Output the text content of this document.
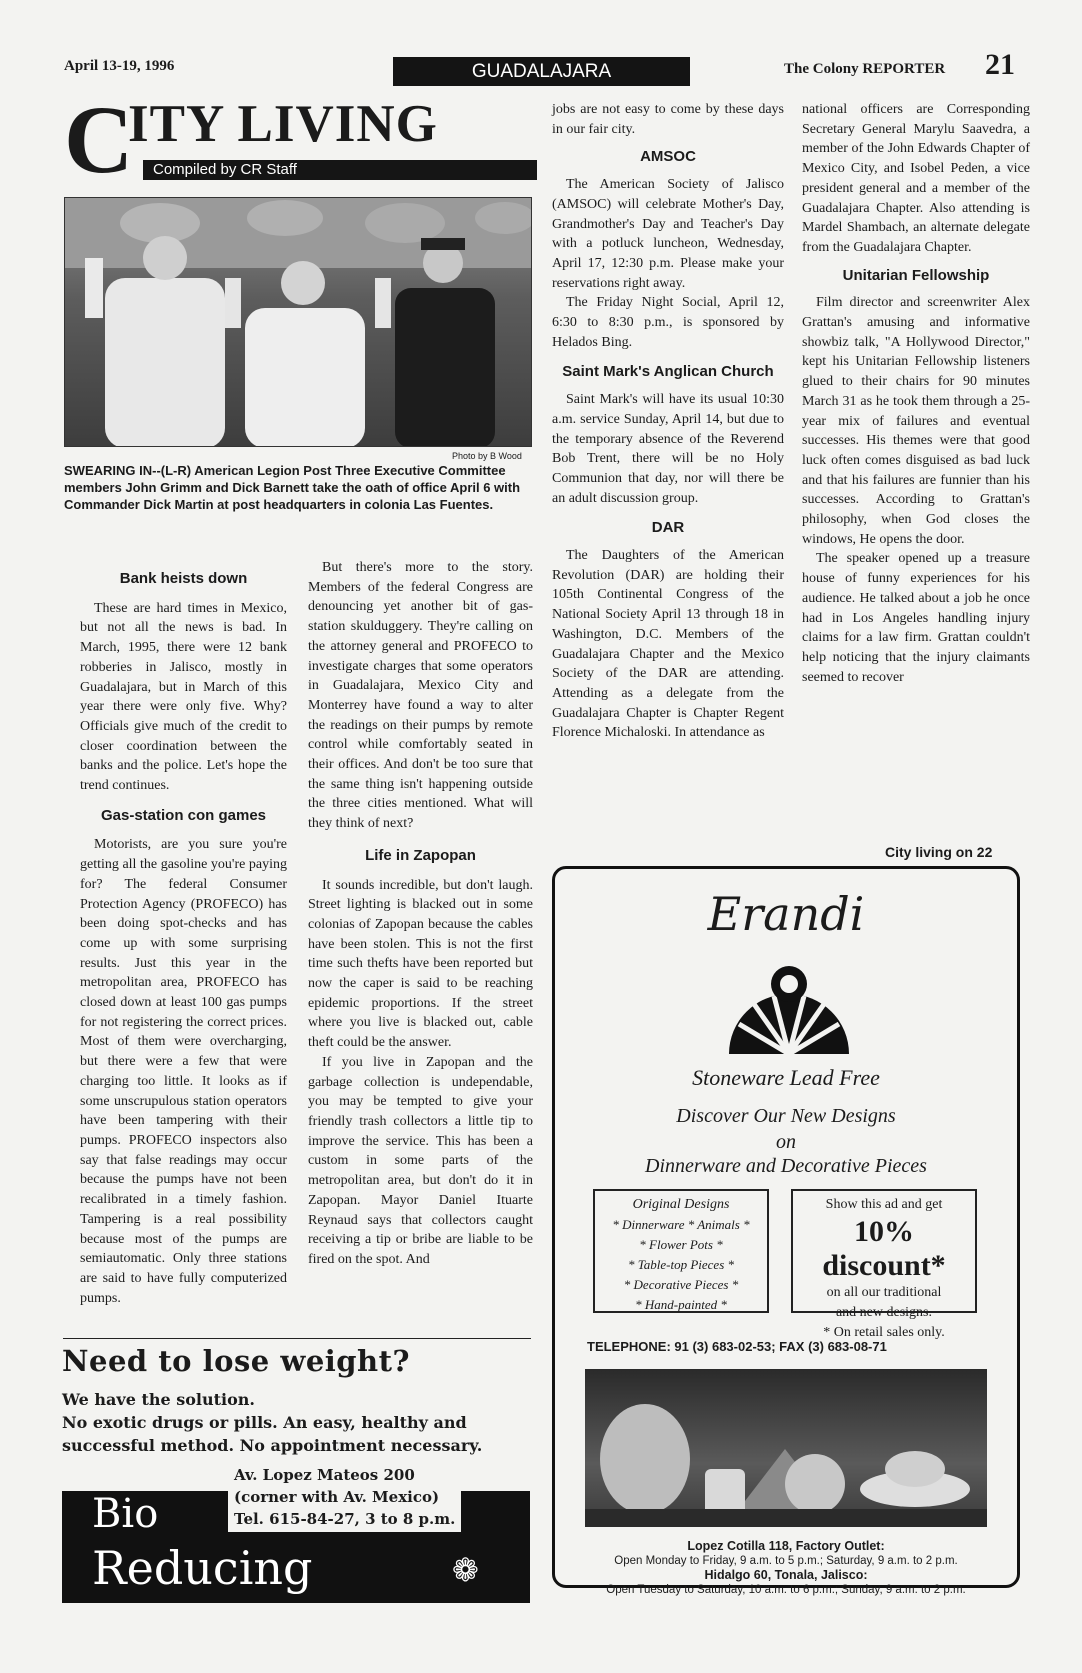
April 13-19, 1996	GUADALAJARA	The Colony REPORTER 21
C
ITY LIVING
Compiled by CR Staff
Photo by B Wood
SWEARING IN--(L-R) American Legion Post Three Executive Committee members John Grimm and Dick Barnett take the oath of office April 6 with Commander Dick Martin at post headquarters in colonia Las Fuentes.
Bank heists down

These are hard times in Mexico, but not all the news is bad. In March, 1995, there were 12 bank robberies in Jalisco, mostly in Guadalajara, but in March of this year there were only five. Why? Officials give much of the credit to closer coordination between the banks and the police. Let's hope the trend continues.

Gas-station con games

Motorists, are you sure you're getting all the gasoline you're paying for? The federal Consumer Protection Agency (PROFECO) has been doing spot-checks and has come up with some surprising results. Just this year in the metropolitan area, PROFECO has closed down at least 100 gas pumps for not registering the correct prices. Most of them were overcharging, but there were a few that were charging too little. It looks as if some unscrupulous station operators have been tampering with their pumps. PROFECO inspectors also say that false readings may occur because the pumps have not been recalibrated in a timely fashion. Tampering is a real possibility because most of the pumps are semiautomatic. Only three stations are said to have fully computerized pumps.

But there's more to the story. Members of the federal Congress are denouncing yet another bit of gas-station skulduggery. They're calling on the attorney general and PROFECO to investigate charges that some operators in Guadalajara, Mexico City and Monterrey have found a way to alter the readings on their pumps by remote control while comfortably seated in their offices. And don't be too sure that the same thing isn't happening outside the three cities mentioned. What will they think of next?

Life in Zapopan

It sounds incredible, but don't laugh. Street lighting is blacked out in some colonias of Zapopan because the cables have been stolen. This is not the first time such thefts have been reported but now the caper is said to be reaching epidemic proportions. If the street where you live is blacked out, cable theft could be the answer.

If you live in Zapopan and the garbage collection is undependable, you may be tempted to give your friendly trash collectors a little tip to improve the service. This has been a custom in some parts of the metropolitan area, but don't do it in Zapopan. Mayor Daniel Ituarte Reynaud says that collectors caught receiving a tip or bribe are liable to be fired on the spot. And

jobs are not easy to come by these days in our fair city.

AMSOC

The American Society of Jalisco (AMSOC) will celebrate Mother's Day, Grandmother's Day and Teacher's Day with a potluck luncheon, Wednesday, April 17, 12:30 p.m. Please make your reservations right away.

The Friday Night Social, April 12, 6:30 to 8:30 p.m., is sponsored by Helados Bing.

Saint Mark's Anglican Church

Saint Mark's will have its usual 10:30 a.m. service Sunday, April 14, but due to the temporary absence of the Reverend Bob Trent, there will be no Holy Communion that day, nor will there be an adult discussion group.

DAR

The Daughters of the American Revolution (DAR) are holding their 105th Continental Congress of the National Society April 13 through 18 in Washington, D.C. Members of the Guadalajara Chapter and the Mexico Society of the DAR are attending. Attending as a delegate from the Guadalajara Chapter is Chapter Regent Florence Michaloski. In attendance as

national officers are Corresponding Secretary General Marylu Saavedra, a member of the John Edwards Chapter of Mexico City, and Isobel Peden, a vice president general and a member of the Guadalajara Chapter. Also attending is Mardel Shambach, an alternate delegate from the Guadalajara Chapter.

Unitarian Fellowship

Film director and screenwriter Alex Grattan's amusing and informative showbiz talk, "A Hollywood Director," kept his Unitarian Fellowship listeners glued to their chairs for 90 minutes March 31 as he took them through a 25-year mix of failures and eventual successes. His themes were that good luck often comes disguised as bad luck and that his failures are funnier than his successes. According to Grattan's philosophy, when God closes the windows, He opens the door.

The speaker opened up a treasure house of funny experiences for his audience. He talked about a job he once had in Los Angeles handling injury claims for a law firm. Grattan couldn't help noticing that the injury claimants seemed to recover

City living on 22
Need to lose weight?
We have the solution.
No exotic drugs or pills. An easy, healthy and
successful method. No appointment necessary.
Bio
Reducing	❁
Av. Lopez Mateos 200
(corner with Av. Mexico)
Tel. 615-84-27, 3 to 8 p.m.
Erandi
Stoneware Lead Free
Discover Our New Designs
on
Dinnerware and Decorative Pieces
Original Designs
* Dinnerware * Animals *
* Flower Pots *
* Table-top Pieces *
* Decorative Pieces *
* Hand-painted *
Show this ad and get
10% discount*
on all our traditional
and new designs.
* On retail sales only.
TELEPHONE: 91 (3) 683-02-53; FAX (3) 683-08-71
Lopez Cotilla 118, Factory Outlet:
Open Monday to Friday, 9 a.m. to 5 p.m.; Saturday, 9 a.m. to 2 p.m.
Hidalgo 60, Tonala, Jalisco:
Open Tuesday to Saturday, 10 a.m. to 6 p.m.; Sunday, 9 a.m. to 2 p.m.
